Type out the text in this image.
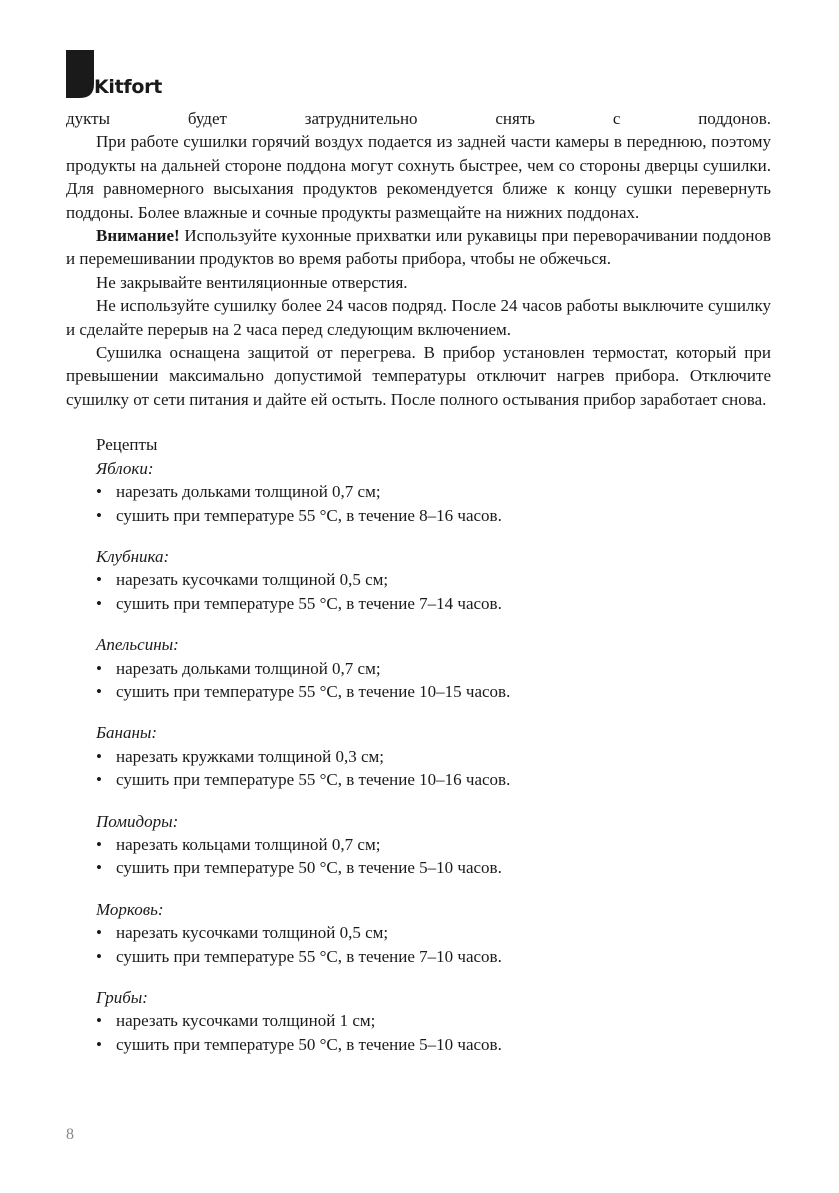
Kitfort

дукты будет затруднительно снять с поддонов.

При работе сушилки горячий воздух подается из задней части камеры в переднюю, поэтому продукты на дальней стороне поддона могут сохнуть быстрее, чем со стороны дверцы сушилки. Для равномерного высыхания продуктов рекомендуется ближе к концу сушки перевернуть поддоны. Более влажные и сочные продукты размещайте на нижних поддонах.

Внимание! Используйте кухонные прихватки или рукавицы при переворачивании поддонов и перемешивании продуктов во время работы прибора, чтобы не обжечься.

Не закрывайте вентиляционные отверстия.

Не используйте сушилку более 24 часов подряд. После 24 часов работы выключите сушилку и сделайте перерыв на 2 часа перед следующим включением.

Сушилка оснащена защитой от перегрева. В прибор установлен термостат, который при превышении максимально допустимой температуры отключит нагрев прибора. Отключите сушилку от сети питания и дайте ей остыть. После полного остывания прибор заработает снова.

Рецепты

Яблоки:

• нарезать дольками толщиной 0,7 см;
• сушить при температуре 55 °С, в течение 8–16 часов.

Клубника:

• нарезать кусочками толщиной 0,5 см;
• сушить при температуре 55 °С, в течение 7–14 часов.

Апельсины:

• нарезать дольками толщиной 0,7 см;
• сушить при температуре 55 °С, в течение 10–15 часов.

Бананы:

• нарезать кружками толщиной 0,3 см;
• сушить при температуре 55 °С, в течение 10–16 часов.

Помидоры:

• нарезать кольцами толщиной 0,7 см;
• сушить при температуре 50 °С, в течение 5–10 часов.

Морковь:

• нарезать кусочками толщиной 0,5 см;
• сушить при температуре 55 °С, в течение 7–10 часов.

Грибы:

• нарезать кусочками толщиной 1 см;
• сушить при температуре 50 °С, в течение 5–10 часов.
8
